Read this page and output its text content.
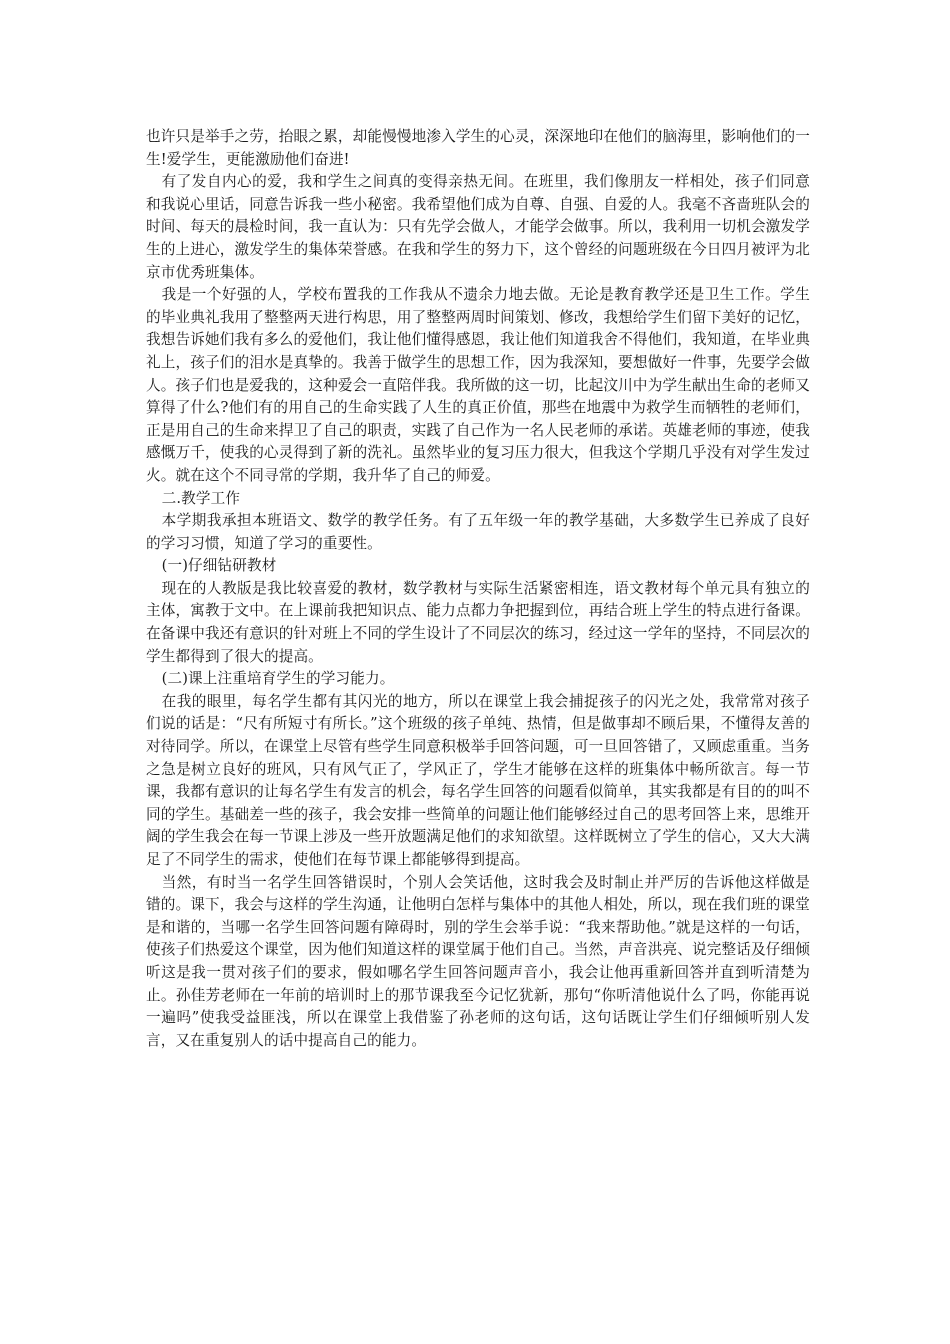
也许只是举手之劳，抬眼之累，却能慢慢地渗入学生的心灵，深深地印在他们的脑海里，影响他们的一生!爱学生，更能激励他们奋进!

有了发自内心的爱，我和学生之间真的变得亲热无间。在班里，我们像朋友一样相处，孩子们同意和我说心里话，同意告诉我一些小秘密。我希望他们成为自尊、自强、自爱的人。我毫不吝啬班队会的时间、每天的晨检时间，我一直认为：只有先学会做人，才能学会做事。所以，我利用一切机会激发学生的上进心，激发学生的集体荣誉感。在我和学生的努力下，这个曾经的问题班级在今日四月被评为北京市优秀班集体。

我是一个好强的人，学校布置我的工作我从不遗余力地去做。无论是教育教学还是卫生工作。学生的毕业典礼我用了整整两天进行构思，用了整整两周时间策划、修改，我想给学生们留下美好的记忆，我想告诉她们我有多么的爱他们，我让他们懂得感恩，我让他们知道我舍不得他们，我知道，在毕业典礼上，孩子们的泪水是真挚的。我善于做学生的思想工作，因为我深知，要想做好一件事，先要学会做人。孩子们也是爱我的，这种爱会一直陪伴我。我所做的这一切，比起汶川中为学生献出生命的老师又算得了什么?他们有的用自己的生命实践了人生的真正价值，那些在地震中为救学生而牺牲的老师们，正是用自己的生命来捍卫了自己的职责，实践了自己作为一名人民老师的承诺。英雄老师的事迹，使我感慨万千，使我的心灵得到了新的洗礼。虽然毕业的复习压力很大，但我这个学期几乎没有对学生发过火。就在这个不同寻常的学期，我升华了自己的师爱。

二.教学工作

本学期我承担本班语文、数学的教学任务。有了五年级一年的教学基础，大多数学生已养成了良好的学习习惯，知道了学习的重要性。

(一)仔细钻研教材

现在的人教版是我比较喜爱的教材，数学教材与实际生活紧密相连，语文教材每个单元具有独立的主体，寓教于文中。在上课前我把知识点、能力点都力争把握到位，再结合班上学生的特点进行备课。在备课中我还有意识的针对班上不同的学生设计了不同层次的练习，经过这一学年的坚持，不同层次的学生都得到了很大的提高。

(二)课上注重培育学生的学习能力。

在我的眼里，每名学生都有其闪光的地方，所以在课堂上我会捕捉孩子的闪光之处，我常常对孩子们说的话是：“尺有所短寸有所长。”这个班级的孩子单纯、热情，但是做事却不顾后果，不懂得友善的对待同学。所以，在课堂上尽管有些学生同意积极举手回答问题，可一旦回答错了，又顾虑重重。当务之急是树立良好的班风，只有风气正了，学风正了，学生才能够在这样的班集体中畅所欲言。每一节课，我都有意识的让每名学生有发言的机会，每名学生回答的问题看似简单，其实我都是有目的的叫不同的学生。基础差一些的孩子，我会安排一些简单的问题让他们能够经过自己的思考回答上来，思维开阔的学生我会在每一节课上涉及一些开放题满足他们的求知欲望。这样既树立了学生的信心，又大大满足了不同学生的需求，使他们在每节课上都能够得到提高。

当然，有时当一名学生回答错误时，个别人会笑话他，这时我会及时制止并严厉的告诉他这样做是错的。课下，我会与这样的学生沟通，让他明白怎样与集体中的其他人相处，所以，现在我们班的课堂是和谐的，当哪一名学生回答问题有障碍时，别的学生会举手说：“我来帮助他。”就是这样的一句话，使孩子们热爱这个课堂，因为他们知道这样的课堂属于他们自己。当然，声音洪亮、说完整话及仔细倾听这是我一贯对孩子们的要求，假如哪名学生回答问题声音小，我会让他再重新回答并直到听清楚为止。孙佳芳老师在一年前的培训时上的那节课我至今记忆犹新，那句“你听清他说什么了吗，你能再说一遍吗”使我受益匪浅，所以在课堂上我借鉴了孙老师的这句话，这句话既让学生们仔细倾听别人发言，又在重复别人的话中提高自己的能力。
